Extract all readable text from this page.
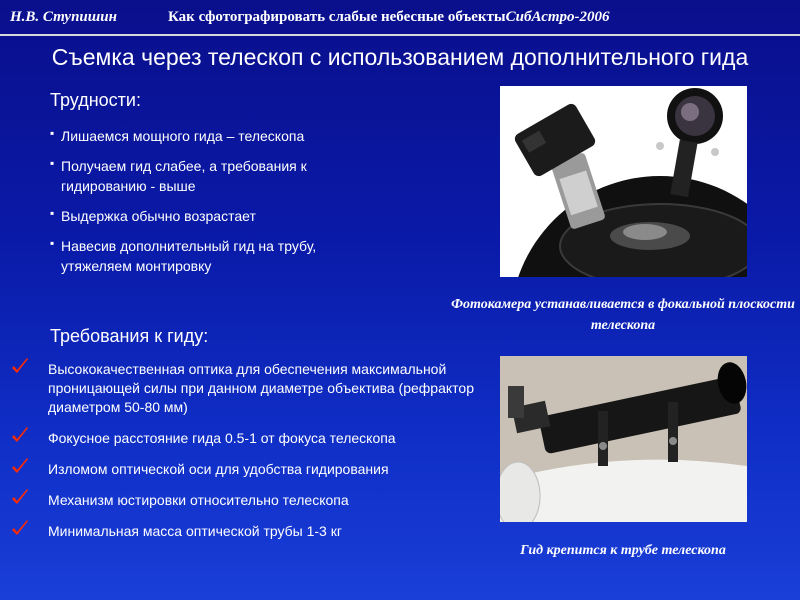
Н.В. Ступишин	Как сфотографировать слабые небесные объектыСибАстро-2006
Съемка через телескоп с использованием дополнительного гида
Трудности:
▪ Лишаемся мощного гида – телескопа
▪ Получаем гид слабее, а требования к гидированию - выше
▪ Выдержка обычно возрастает
▪ Навесив дополнительный гид на трубу, утяжеляем монтировку
Требования к гиду:
Высококачественная оптика для обеспечения максимальной проницающей силы при данном диаметре объектива (рефрактор диаметром 50-80 мм)
Фокусное расстояние гида 0.5-1 от фокуса телескопа
Изломом оптической оси для удобства гидирования
Механизм юстировки относительно телескопа
Минимальная масса оптической трубы 1-3 кг
Фотокамера устанавливается в фокальной плоскости телескопа
Гид крепится к трубе телескопа
